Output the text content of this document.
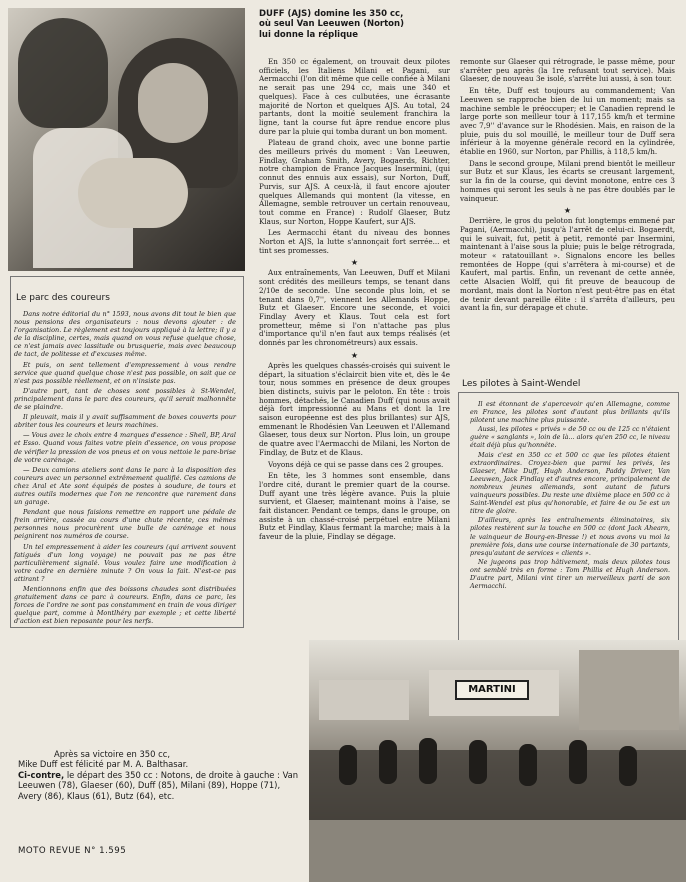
DUFF (AJS) domine les 350 cc,
où seul Van Leeuwen (Norton)
lui donne la réplique

En 350 cc également, on trouvait deux pilotes officiels, les Italiens Milani et Pagani, sur Aermacchi (l'on dit même que celle confiée à Milani ne serait pas une 294 cc, mais une 340 et quelques). Face à ces culbutées, une écrasante majorité de Norton et quelques AJS. Au total, 24 partants, dont la moitié seulement franchira la ligne, tant la course fut âpre rendue encore plus dure par la pluie qui tomba durant un bon moment.

Plateau de grand choix, avec une bonne partie des meilleurs privés du moment : Van Leeuwen, Findlay, Graham Smith, Avery, Bogaerds, Richter, notre champion de France Jacques Insermini, (qui connut des ennuis aux essais), sur Norton, Duff, Purvis, sur AJS. A ceux-là, il faut encore ajouter quelques Allemands qui montent (la vitesse, en Allemagne, semble retrouver un certain renouveau, tout comme en France) : Rudolf Glaeser, Butz Klaus, sur Norton, Hoppe Kaufert, sur AJS.

Les Aermacchi étant du niveau des bonnes Norton et AJS, la lutte s'annonçait fort serrée... et tint ses promesses.

★

Aux entraînements, Van Leeuwen, Duff et Milani sont crédités des meilleurs temps, se tenant dans 2/10e de seconde. Une seconde plus loin, et se tenant dans 0,7'', viennent les Allemands Hoppe, Butz et Glaeser. Encore une seconde, et voici Findlay Avery et Klaus. Tout cela est fort prometteur, même si l'on n'attache pas plus d'importance qu'il n'en faut aux temps réalisés (et donnés par les chronométreurs) aux essais.

★

Après les quelques chassés-croisés qui suivent le départ, la situation s'éclaircit bien vite et, dès le 4e tour, nous sommes en présence de deux groupes bien distincts, suivis par le peloton. En tête : trois hommes, détachés, le Canadien Duff (qui nous avait déjà fort impressionné au Mans et dont la 1re saison européenne est des plus brillantes) sur AJS, emmenant le Rhodésien Van Leeuwen et l'Allemand Glaeser, tous deux sur Norton. Plus loin, un groupe de quatre avec l'Aermacchi de Milani, les Norton de Findlay, de Butz et de Klaus.

Voyons déjà ce qui se passe dans ces 2 groupes.

En tête, les 3 hommes sont ensemble, dans l'ordre cité, durant le premier quart de la course. Duff ayant une très légère avance. Puis la pluie survient, et Glaeser, maintenant moins à l'aise, se fait distancer. Pendant ce temps, dans le groupe, on assiste à un chassé-croisé perpétuel entre Milani Butz et Findlay, Klaus fermant la marche; mais à la faveur de la pluie, Findlay se dégage.

remonte sur Glaeser qui rétrograde, le passe même, pour s'arrêter peu après (la 1re refusant tout service). Mais Glaeser, de nouveau 3e isolé, s'arrête lui aussi, à son tour.

En tête, Duff est toujours au commandement; Van Leeuwen se rapproche bien de lui un moment; mais sa machine semble le préoccuper; et le Canadien reprend le large porte son meilleur tour à 117,155 km/h et termine avec 7,9'' d'avance sur le Rhodésien. Mais, en raison de la pluie, puis du sol mouillé, le meilleur tour de Duff sera inférieur à la moyenne générale record en la cylindrée, établie en 1960, sur Norton, par Phillis, à 118,5 km/h.

Dans le second groupe, Milani prend bientôt le meilleur sur Butz et sur Klaus, les écarts se creusant largement, sur la fin de la course, qui devint monotone, entre ces 3 hommes qui seront les seuls à ne pas être doublés par le vainqueur.

★

Derrière, le gros du peloton fut longtemps emmené par Pagani, (Aermacchi), jusqu'à l'arrêt de celui-ci. Bogaerdt, qui le suivait, fut, petit à petit, remonté par Insermini, maintenant à l'aise sous la pluie; puis le belge rétrograda, moteur « ratatouillant ». Signalons encore les belles remontées de Hoppe (qui s'arrêtera à mi-course) et de Kaufert, mal partis. Enfin, un revenant de cette année, cette Alsacien Wolff, qui fit preuve de beaucoup de mordant, mais dont la Norton n'est peut-être pas en état de tenir devant pareille élite : il s'arrêta d'ailleurs, peu avant la fin, sur dérapage et chute.

Le parc des coureurs

Dans notre éditorial du n° 1593, nous avons dit tout le bien que nous pensions des organisateurs : nous devons ajouter : de l'organisation. Le règlement est toujours appliqué à la lettre; il y a de la discipline, certes, mais quand on vous refuse quelque chose, ce n'est jamais avec lassitude ou brusquerie, mais avec beaucoup de tact, de politesse et d'excuses même.

Et puis, on sent tellement d'empressement à vous rendre service que quand quelque chose n'est pas possible, on sait que ce n'est pas possible réellement, et on n'insiste pas.

D'autre part, tant de choses sont possibles à St-Wendel, principalement dans le parc des coureurs, qu'il serait malhonnête de se plaindre.

Il pleuvait, mais il y avait suffisamment de boxes couverts pour abriter tous les coureurs et leurs machines.

— Vous avez le choix entre 4 marques d'essence : Shell, BP, Aral et Esso. Quand vous faites votre plein d'essence, on vous propose de vérifier la pression de vos pneus et on vous nettoie le pare-brise de votre carénage.

— Deux camions ateliers sont dans le parc à la disposition des coureurs avec un personnel extrêmement qualifié. Ces camions de chez Aral et Ate sont équipés de postes à soudure, de tours et autres outils modernes que l'on ne rencontre que rarement dans un garage.

Pendant que nous faisions remettre en rapport une pédale de frein arrière, cassée au cours d'une chute récente, ces mêmes personnes nous procurèrent une bulle de carénage et nous peignirent nos numéros de course.

Un tel empressement à aider les coureurs (qui arrivent souvent fatigués d'un long voyage) ne pouvait pas ne pas être particulièrement signalé. Vous voulez faire une modification à votre cadre en dernière minute ? On vous la fait. N'est-ce pas attirant ?

Mentionnons enfin que des boissons chaudes sont distribuées gratuitement dans ce parc à coureurs. Enfin, dans ce parc, les forces de l'ordre ne sont pas constamment en train de vous diriger quelque part, comme à Montlhéry par exemple ; et cette liberté d'action est bien reposante pour les nerfs.

Les pilotes à Saint-Wendel

Il est étonnant de s'apercevoir qu'en Allemagne, comme en France, les pilotes sont d'autant plus brillants qu'ils pilotent une machine plus puissante.

Aussi, les pilotes « privés » de 50 cc ou de 125 cc n'étaient guère « sanglants », loin de là... alors qu'en 250 cc, le niveau était déjà plus qu'honnête.

Mais c'est en 350 cc et 500 cc que les pilotes étaient extraordinaires. Croyez-bien que parmi les privés, les Glaeser, Mike Duff, Hugh Anderson, Paddy Driver, Van Leeuwen, Jack Findlay et d'autres encore, principalement de nombreux jeunes allemands, sont autant de futurs vainqueurs possibles. Du reste une dixième place en 500 cc à Saint-Wendel est plus qu'honorable, et faire 4e ou 5e est un titre de gloire.

D'ailleurs, après les entraînements éliminatoires, six pilotes restèrent sur la touche en 500 cc (dont Jack Ahearn, le vainqueur de Bourg-en-Bresse !) et nous avons vu moi la première fois, dans une course internationale de 30 partants, presqu'autant de services « clients ».

Ne jugeons pas trop hâtivement, mais deux pilotes tous ont semblé très en forme : Tom Phillis et Hugh Anderson. D'autre part, Milani vint tirer un merveilleux parti de son Aermacchi.

MARTINI
Après sa victoire en 350 cc,
Mike Duff est félicité par M. A. Balthasar.
Ci-contre, le départ des 350 cc : Notons, de droite à gauche : Van Leeuwen (78), Glaeser (60), Duff (85), Milani (89), Hoppe (71), Avery (86), Klaus (61), Butz (64), etc.
MOTO REVUE N° 1.595
